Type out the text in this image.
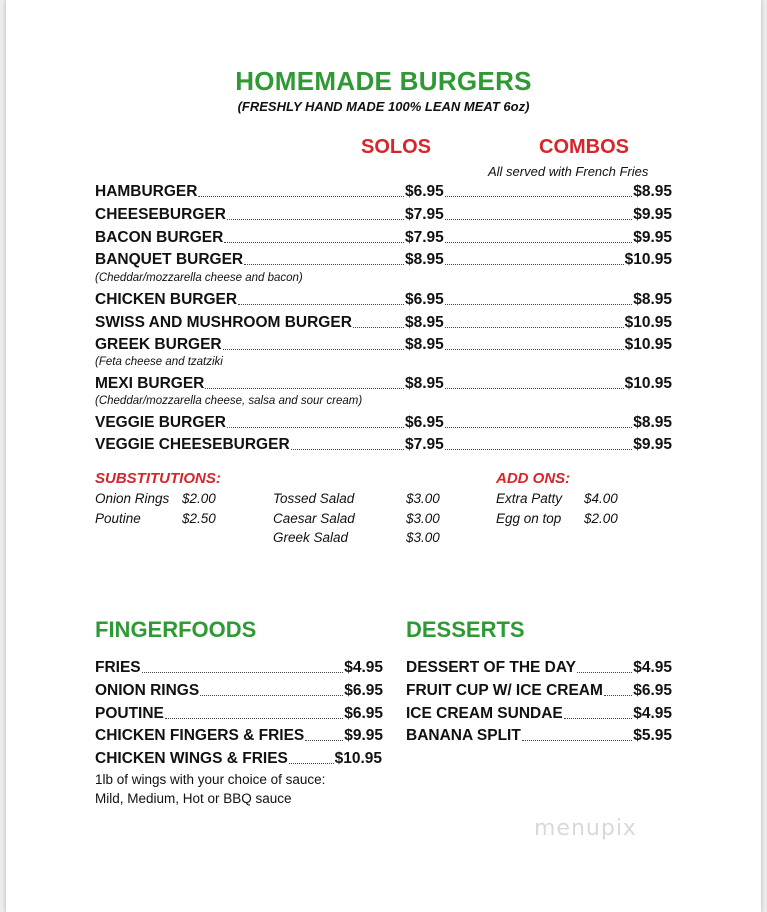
HOMEMADE BURGERS
(FRESHLY HAND MADE 100% LEAN MEAT 6oz)
SOLOS	COMBOS
All served with French Fries
HAMBURGER	$6.95	$8.95
CHEESEBURGER	$7.95	$9.95
BACON BURGER	$7.95	$9.95
BANQUET BURGER	$8.95	$10.95
(Cheddar/mozzarella cheese and bacon)
CHICKEN BURGER	$6.95	$8.95
SWISS AND MUSHROOM BURGER	$8.95	$10.95
GREEK BURGER	$8.95	$10.95
(Feta cheese and tzatziki
MEXI BURGER	$8.95	$10.95
(Cheddar/mozzarella cheese, salsa and sour cream)
VEGGIE BURGER	$6.95	$8.95
VEGGIE CHEESEBURGER	$7.95	$9.95
SUBSTITUTIONS:
Onion Rings $2.00
Poutine	$2.50
Tossed Salad	$3.00
Caesar Salad	$3.00
Greek Salad	$3.00
ADD ONS:
Extra Patty $4.00
Egg on top $2.00
FINGERFOODS
FRIES	$4.95
ONION RINGS	$6.95
POUTINE	$6.95
CHICKEN FINGERS & FRIES	$9.95
CHICKEN WINGS & FRIES	$10.95
1lb of wings with your choice of sauce:
Mild, Medium, Hot or BBQ sauce
DESSERTS
DESSERT OF THE DAY	$4.95
FRUIT CUP W/ ICE CREAM $6.95
ICE CREAM SUNDAE	$4.95
BANANA SPLIT	$5.95
menupix
